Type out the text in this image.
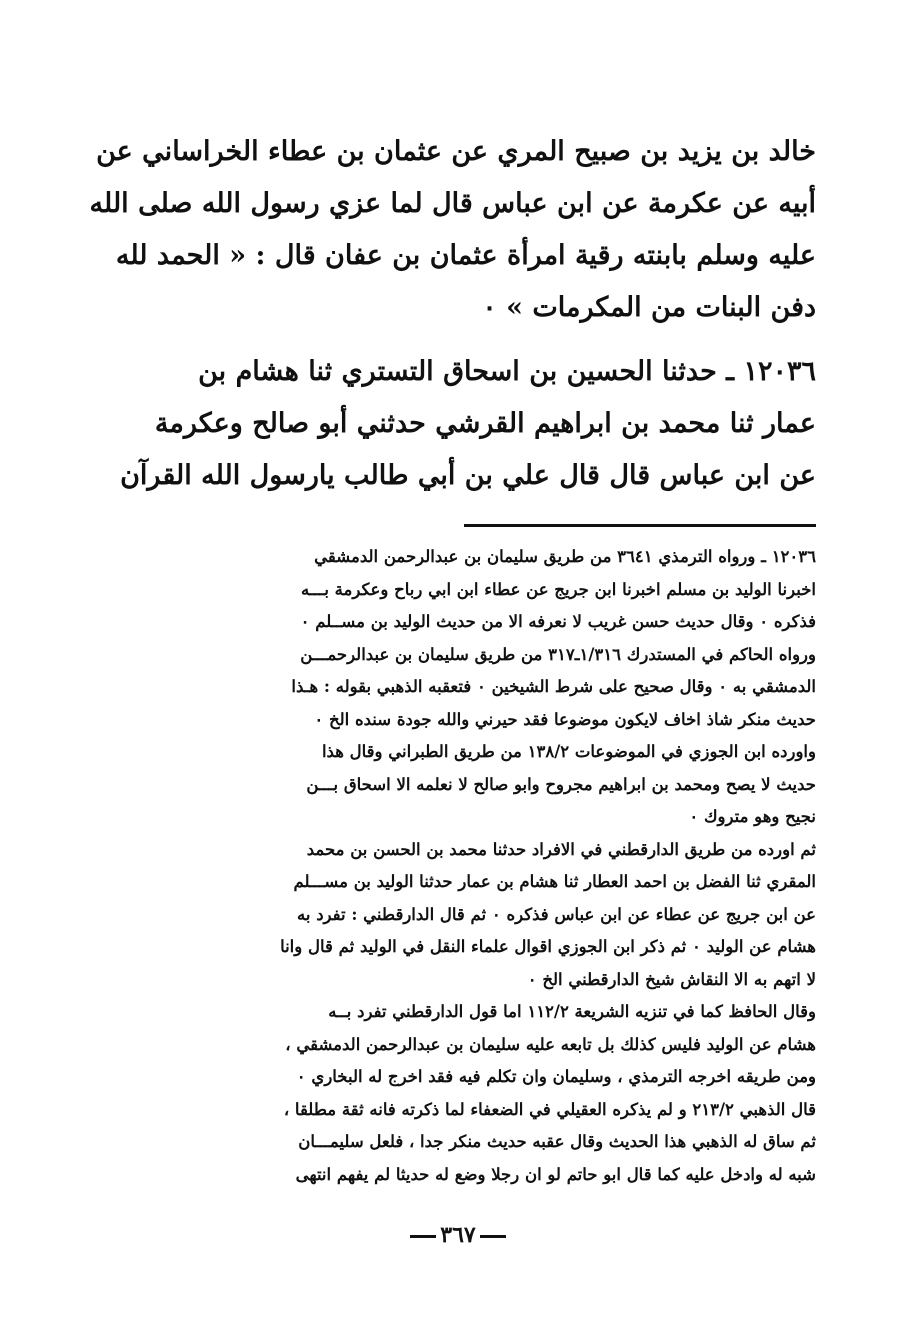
خالد بن يزيد بن صبيح المري عن عثمان بن عطاء الخراساني عن
أبيه عن عكرمة عن ابن عباس قال لما عزي رسول الله صلى الله
عليه وسلم بابنته رقية امرأة عثمان بن عفان قال : « الحمد لله
دفن البنات من المكرمات » ٠

١٢٠٣٦ ـ حدثنا الحسين بن اسحاق التستري ثنا هشام بن
عمار ثنا محمد بن ابراهيم القرشي حدثني أبو صالح وعكرمة
عن ابن عباس قال قال علي بن أبي طالب يارسول الله القرآن

١٢٠٣٦ ـ ورواه الترمذي ٣٦٤١ من طريق سليمان بن عبدالرحمن الدمشقي
اخبرنا الوليد بن مسلم اخبرنا ابن جريج عن عطاء ابن ابي رباح وعكرمة بـــه
فذكره ٠ وقال حديث حسن غريب لا نعرفه الا من حديث الوليد بن مســلم ٠
ورواه الحاكم في المستدرك ١/٣١٦ـ٣١٧ من طريق سليمان بن عبدالرحمـــن
الدمشقي به ٠ وقال صحيح على شرط الشيخين ٠ فتعقبه الذهبي بقوله : هـذا
حديث منكر شاذ اخاف لايكون موضوعا فقد حيرني والله جودة سنده الخ ٠

واورده ابن الجوزي في الموضوعات ١٣٨/٢ من طريق الطبراني وقال هذا
حديث لا يصح ومحمد بن ابراهيم مجروح وابو صالح لا نعلمه الا اسحاق بـــن
نجيح وهو متروك ٠

ثم اورده من طريق الدارقطني في الافراد حدثنا محمد بن الحسن بن محمد
المقري ثنا الفضل بن احمد العطار ثنا هشام بن عمار حدثنا الوليد بن مســـلم
عن ابن جريج عن عطاء عن ابن عباس فذكره ٠ ثم قال الدارقطني : تفرد به
هشام عن الوليد ٠ ثم ذكر ابن الجوزي اقوال علماء النقل في الوليد ثم قال وانا
لا اتهم به الا النقاش شيخ الدارقطني الخ ٠

وقال الحافظ كما في تنزيه الشريعة ١١٢/٢ اما قول الدارقطني تفرد بــه
هشام عن الوليد فليس كذلك بل تابعه عليه سليمان بن عبدالرحمن الدمشقي ،
ومن طريقه اخرجه الترمذي ، وسليمان وان تكلم فيه فقد اخرج له البخاري ٠
قال الذهبي ٢١٣/٢ و لم يذكره العقيلي في الضعفاء لما ذكرته فانه ثقة مطلقا ،
ثم ساق له الذهبي هذا الحديث وقال عقبه حديث منكر جدا ، فلعل سليمـــان
شبه له وادخل عليه كما قال ابو حاتم لو ان رجلا وضع له حديثا لم يفهم انتهى

٣٦٧
